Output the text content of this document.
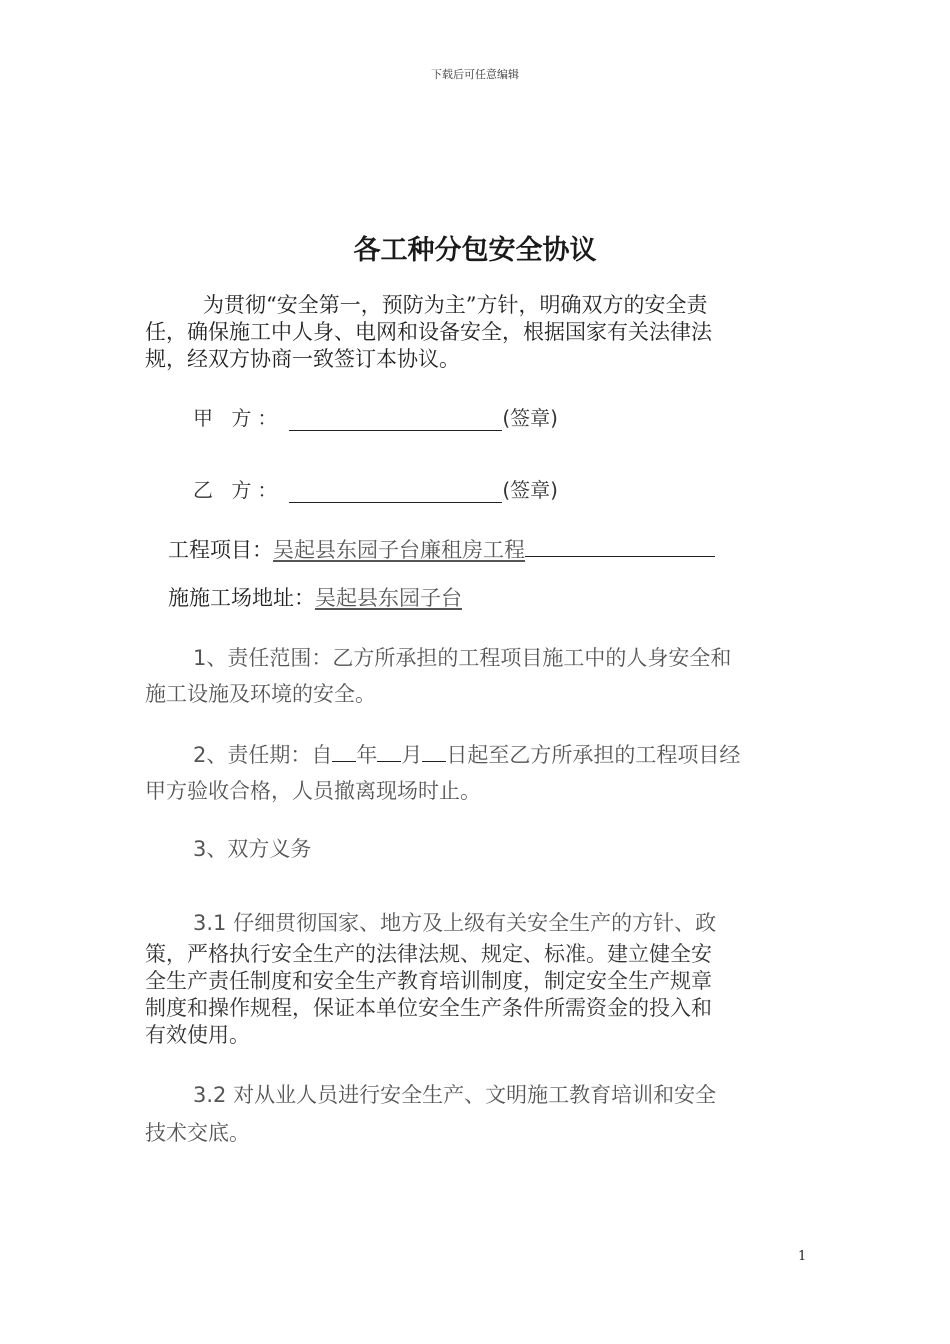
下载后可任意编辑
各工种分包安全协议
为贯彻“安全第一，预防为主”方针，明确双方的安全责
任，确保施工中人身、电网和设备安全，根据国家有关法律法
规，经双方协商一致签订本协议。
甲 方：	(签章)
乙 方：	(签章)
工程项目：吴起县东园子台廉租房工程
施施工场地址：吴起县东园子台
1、责任范围：乙方所承担的工程项目施工中的人身安全和
施工设施及环境的安全。
2、责任期：自 年 月 日起至乙方所承担的工程项目经
甲方验收合格，人员撤离现场时止。
3、双方义务
3.1 仔细贯彻国家、地方及上级有关安全生产的方针、政
策，严格执行安全生产的法律法规、规定、标准。建立健全安
全生产责任制度和安全生产教育培训制度，制定安全生产规章
制度和操作规程，保证本单位安全生产条件所需资金的投入和
有效使用。
3.2 对从业人员进行安全生产、文明施工教育培训和安全
技术交底。
1
